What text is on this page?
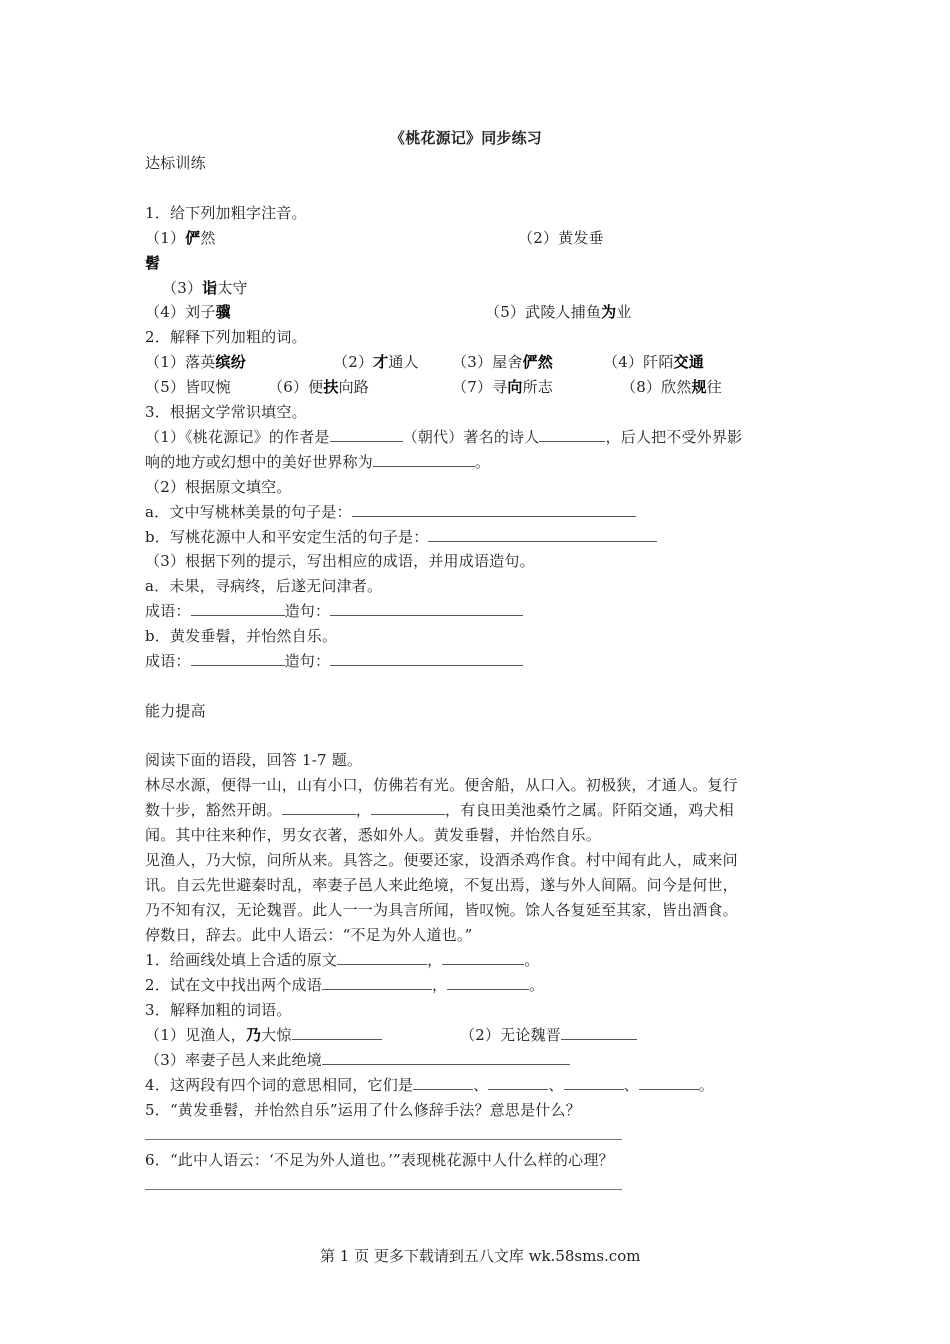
《桃花源记》同步练习
达标训练
1．给下列加粗字注音。
（1）俨然	（2）黄发垂
髫
（3）诣太守
（4）刘子骥	（5）武陵人捕鱼为业
2．解释下列加粗的词。
（1）落英缤纷	（2）才通人 （3）屋舍俨然	（4）阡陌交通
（5）皆叹惋 （6）便扶向路	（7）寻向所志	（8）欣然规往
3．根据文学常识填空。
（1）《桃花源记》的作者是	（朝代）著名的诗人	，后人把不受外界影
响的地方或幻想中的美好世界称为	。
（2）根据原文填空。
a．文中写桃林美景的句子是：
b．写桃花源中人和平安定生活的句子是：
（3）根据下列的提示，写出相应的成语，并用成语造句。
a．未果，寻病终，后遂无问津者。
成语：	造句：
b．黄发垂髫，并怡然自乐。
成语：	造句：
能力提高
阅读下面的语段，回答 1-7 题。
林尽水源，便得一山，山有小口，仿佛若有光。便舍船，从口入。初极狭，才通人。复行
数十步，豁然开朗。	，	，有良田美池桑竹之属。阡陌交通，鸡犬相
闻。其中往来种作，男女衣著，悉如外人。黄发垂髫，并怡然自乐。
见渔人，乃大惊，问所从来。具答之。便要还家，设酒杀鸡作食。村中闻有此人，咸来问
讯。自云先世避秦时乱，率妻子邑人来此绝境，不复出焉，遂与外人间隔。问今是何世，
乃不知有汉，无论魏晋。此人一一为具言所闻，皆叹惋。馀人各复延至其家，皆出酒食。
停数日，辞去。此中人语云：“不足为外人道也。”
1．给画线处填上合适的原文	，	。
2．试在文中找出两个成语	，	。
3．解释加粗的词语。
（1）见渔人，乃大惊	（2）无论魏晋
（3）率妻子邑人来此绝境
4．这两段有四个词的意思相同，它们是	、	、	、	。
5．“黄发垂髫，并怡然自乐”运用了什么修辞手法？意思是什么？
6．“此中人语云：‘不足为外人道也。’”表现桃花源中人什么样的心理？
第 1 页 更多下载请到五八文库 wk.58sms.com
